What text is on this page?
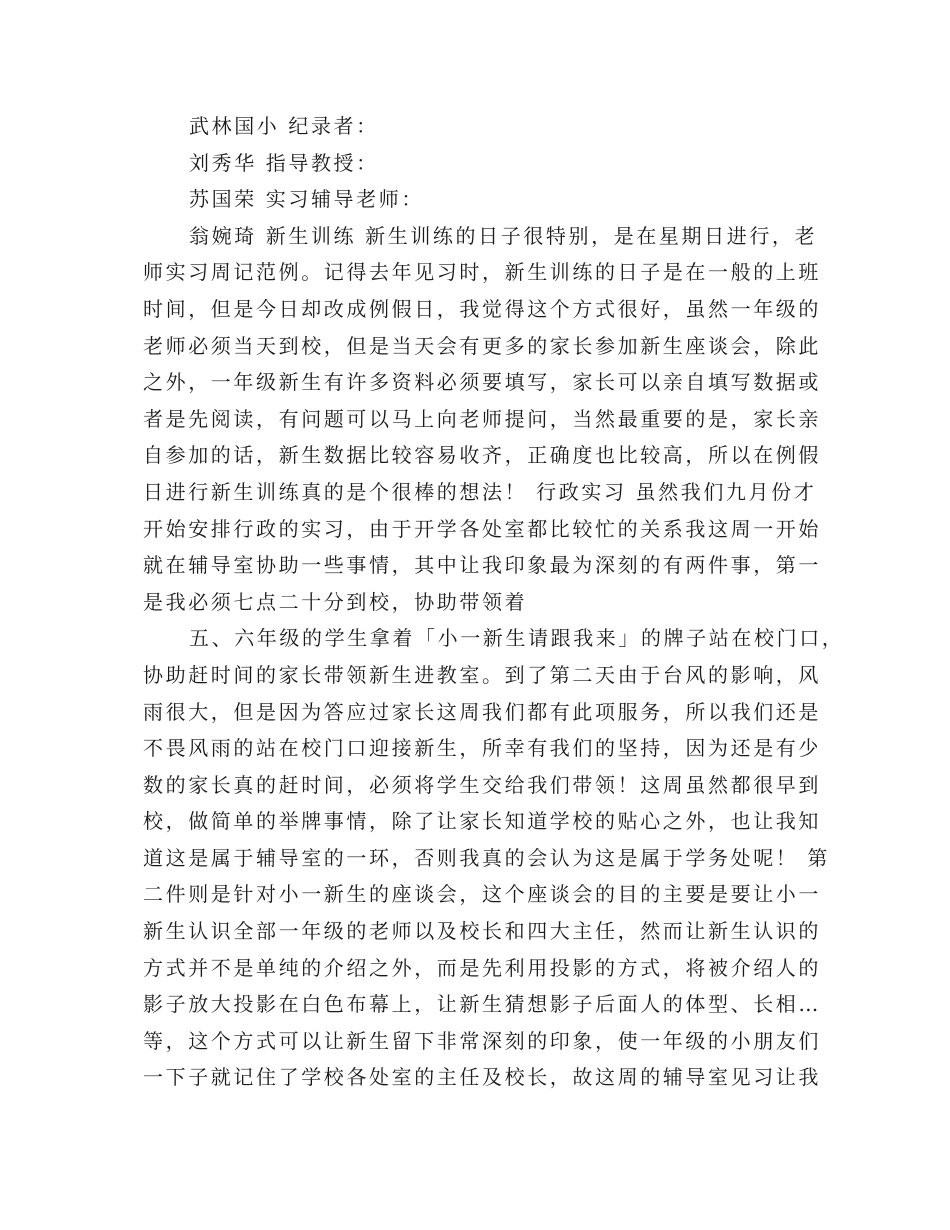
武林国小 纪录者：
刘秀华 指导教授：
苏国荣 实习辅导老师：
翁婉琦 新生训练 新生训练的日子很特别，是在星期日进行，老
师实习周记范例。记得去年见习时，新生训练的日子是在一般的上班
时间，但是今日却改成例假日，我觉得这个方式很好，虽然一年级的
老师必须当天到校，但是当天会有更多的家长参加新生座谈会，除此
之外，一年级新生有许多资料必须要填写，家长可以亲自填写数据或
者是先阅读，有问题可以马上向老师提问，当然最重要的是，家长亲
自参加的话，新生数据比较容易收齐，正确度也比较高，所以在例假
日进行新生训练真的是个很棒的想法！ 行政实习 虽然我们九月份才
开始安排行政的实习，由于开学各处室都比较忙的关系我这周一开始
就在辅导室协助一些事情，其中让我印象最为深刻的有两件事，第一
是我必须七点二十分到校，协助带领着
五、六年级的学生拿着「小一新生请跟我来」的牌子站在校门口，
协助赶时间的家长带领新生进教室。到了第二天由于台风的影响，风
雨很大，但是因为答应过家长这周我们都有此项服务，所以我们还是
不畏风雨的站在校门口迎接新生，所幸有我们的坚持，因为还是有少
数的家长真的赶时间，必须将学生交给我们带领！这周虽然都很早到
校，做简单的举牌事情，除了让家长知道学校的贴心之外，也让我知
道这是属于辅导室的一环，否则我真的会认为这是属于学务处呢！ 第
二件则是针对小一新生的座谈会，这个座谈会的目的主要是要让小一
新生认识全部一年级的老师以及校长和四大主任，然而让新生认识的
方式并不是单纯的介绍之外，而是先利用投影的方式，将被介绍人的
影子放大投影在白色布幕上，让新生猜想影子后面人的体型、长相…
等，这个方式可以让新生留下非常深刻的印象，使一年级的小朋友们
一下子就记住了学校各处室的主任及校长，故这周的辅导室见习让我
